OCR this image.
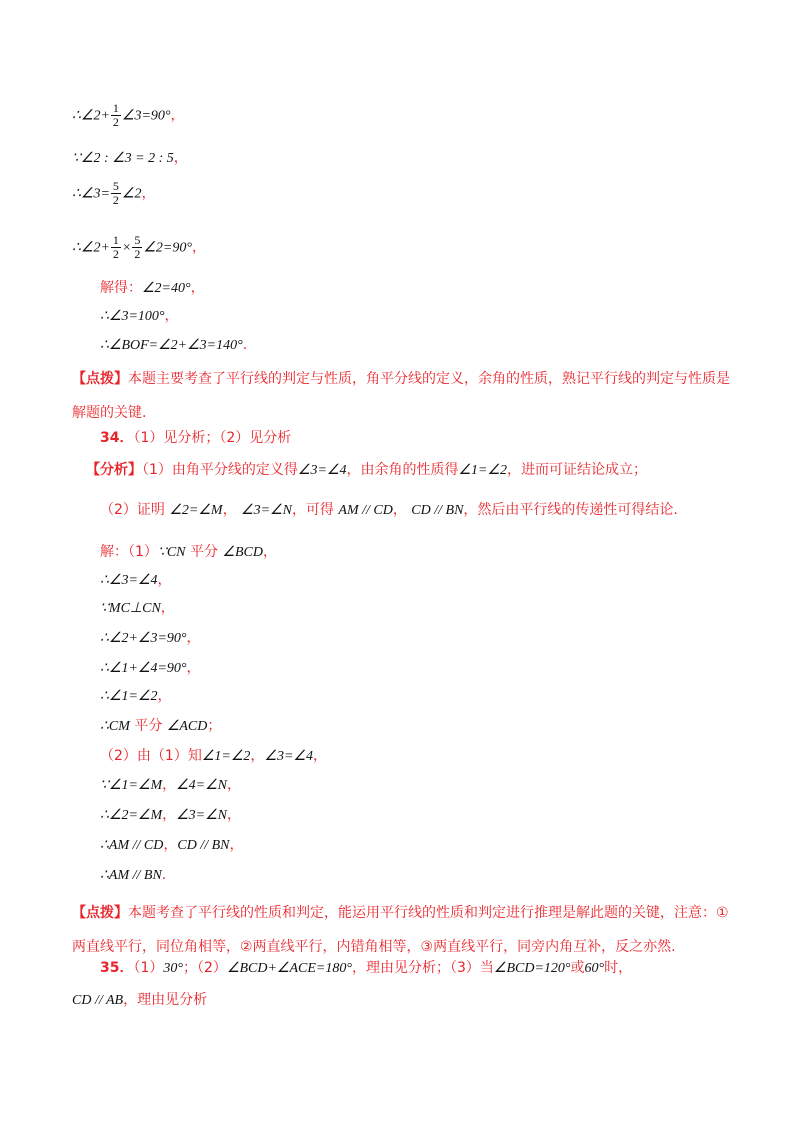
∴∠2+ $\frac{1}{2}$ ∠3=90°，
∵∠2 : ∠3 = 2 : 5，
∴∠3= $\frac{5}{2}$ ∠2，
∴∠2+ $\frac{1}{2} \times \frac{5}{2}$ ∠2=90°，
解得：∠2=40°，
∴∠3=100°，
∴∠BOF=∠2+∠3=140°.
【点拨】本题主要考查了平行线的判定与性质，角平分线的定义，余角的性质，熟记平行线的判定与性质是解题的关键.
34．（1）见分析；（2）见分析
【分析】（1）由角平分线的定义得∠3=∠4，由余角的性质得∠1=∠2，进而可证结论成立；
（2）证明 ∠2=∠M， ∠3=∠N，可得 AM // CD， CD // BN，然后由平行线的传递性可得结论.
解：（1）∵CN 平分 ∠BCD，
∴∠3=∠4，
∵MC⊥CN，
∴∠2+∠3=90°，
∴∠1+∠4=90°，
∴∠1=∠2，
∴CM 平分 ∠ACD；
（2）由（1）知∠1=∠2，∠3=∠4，
∵∠1=∠M，∠4=∠N，
∴∠2=∠M，∠3=∠N，
∴AM // CD，CD // BN，
∴AM // BN.
【点拨】本题考查了平行线的性质和判定，能运用平行线的性质和判定进行推理是解此题的关键，注意：①两直线平行，同位角相等，②两直线平行，内错角相等，③两直线平行，同旁内角互补，反之亦然.
35．（1）30°；（2）∠BCD+∠ACE=180°，理由见分析；（3）当∠BCD=120°或60°时，
CD // AB，理由见分析
